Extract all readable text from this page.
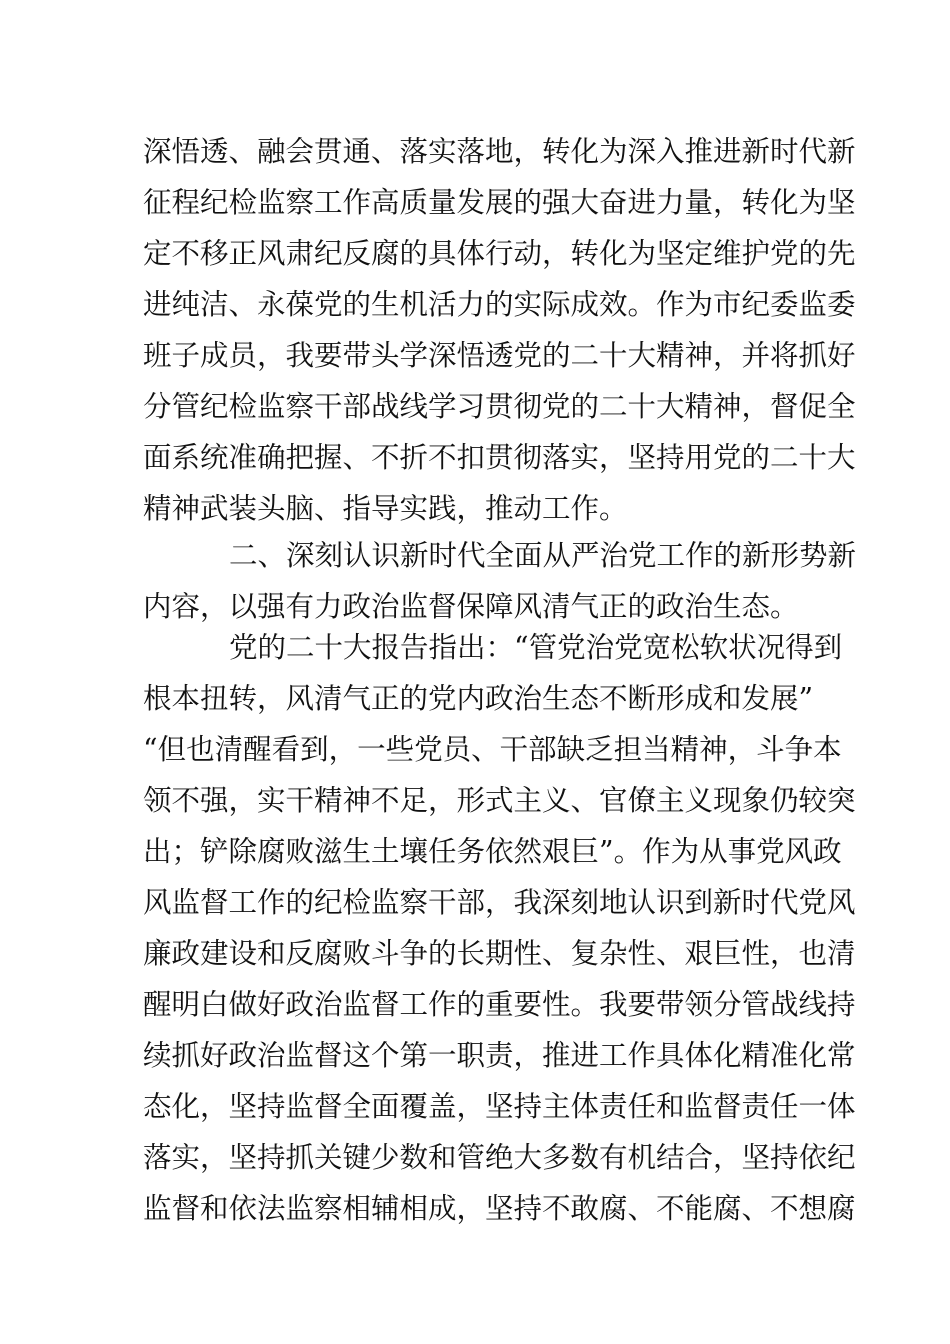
深悟透、融会贯通、落实落地，转化为深入推进新时代新
征程纪检监察工作高质量发展的强大奋进力量，转化为坚
定不移正风肃纪反腐的具体行动，转化为坚定维护党的先
进纯洁、永葆党的生机活力的实际成效。作为市纪委监委
班子成员，我要带头学深悟透党的二十大精神，并将抓好
分管纪检监察干部战线学习贯彻党的二十大精神，督促全
面系统准确把握、不折不扣贯彻落实，坚持用党的二十大
精神武装头脑、指导实践，推动工作。
二、深刻认识新时代全面从严治党工作的新形势新
内容，以强有力政治监督保障风清气正的政治生态。
党的二十大报告指出：“管党治党宽松软状况得到
根本扭转，风清气正的党内政治生态不断形成和发展”
“但也清醒看到，一些党员、干部缺乏担当精神，斗争本
领不强，实干精神不足，形式主义、官僚主义现象仍较突
出；铲除腐败滋生土壤任务依然艰巨”。作为从事党风政
风监督工作的纪检监察干部，我深刻地认识到新时代党风
廉政建设和反腐败斗争的长期性、复杂性、艰巨性，也清
醒明白做好政治监督工作的重要性。我要带领分管战线持
续抓好政治监督这个第一职责，推进工作具体化精准化常
态化，坚持监督全面覆盖，坚持主体责任和监督责任一体
落实，坚持抓关键少数和管绝大多数有机结合，坚持依纪
监督和依法监察相辅相成，坚持不敢腐、不能腐、不想腐
